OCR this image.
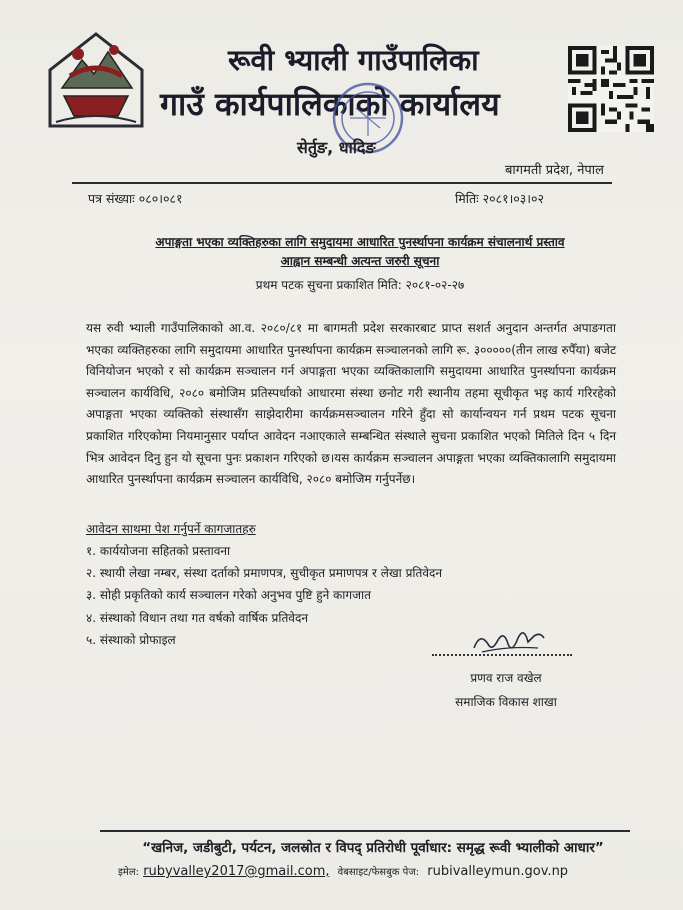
रूवी भ्याली गाउँपालिका
गाउँ कार्यपालिकाको कार्यालय
सेर्तुङ, धादिङ
बागमती प्रदेश, नेपाल
पत्र संख्याः ०८०।०८१	मितिः २०८१।०३।०२
अपाङ्गता भएका व्यक्तिहरुका लागि समुदायमा आधारित पुनर्स्थापना कार्यक्रम संचालनार्थ प्रस्ताव
आह्वान सम्बन्धी अत्यन्त जरुरी सूचना
प्रथम पटक सुचना प्रकाशित मिति: २०८१-०२-२७
यस रुवी भ्याली गाउँपालिकाको आ.व. २०८०/८१ मा बागमती प्रदेश सरकारबाट प्राप्त सशर्त अनुदान अन्तर्गत अपाङगता भएका व्यक्तिहरुका लागि समुदायमा आधारित पुनर्स्थापना कार्यक्रम सञ्चालनको लागि रू. ३०००००(तीन लाख रुपैँया) बजेट विनियोजन भएको र सो कार्यक्रम सञ्चालन गर्न अपाङ्गता भएका व्यक्तिकालागि समुदायमा आधारित पुनर्स्थापना कार्यक्रम सञ्चालन कार्यविधि, २०८० बमोजिम प्रतिस्पर्धाको आधारमा संस्था छनोट गरी स्थानीय तहमा सूचीकृत भइ कार्य गरिरहेको अपाङ्गता भएका व्यक्तिको संस्थासँग साझेदारीमा कार्यक्रमसञ्चालन गरिने हुँदा सो कार्यान्वयन गर्न प्रथम पटक सूचना प्रकाशित गरिएकोमा नियमानुसार पर्याप्त आवेदन नआएकाले सम्बन्धित संस्थाले सुचना प्रकाशित भएको मितिले दिन ५ दिन भित्र आवेदन दिनु हुन यो सूचना पुनः प्रकाशन गरिएको छ।यस कार्यक्रम सञ्चालन अपाङ्गता भएका व्यक्तिकालागि समुदायमा आधारित पुनर्स्थापना कार्यक्रम सञ्चालन कार्यविधि, २०८० बमोजिम गर्नुपर्नेछ।
आवेदन साथमा पेश गर्नुपर्ने कागजातहरु
१. कार्ययोजना सहितको प्रस्तावना
२. स्थायी लेखा नम्बर, संस्था दर्ताको प्रमाणपत्र, सुचीकृत प्रमाणपत्र र लेखा प्रतिवेदन
३. सोही प्रकृतिको कार्य सञ्चालन गरेको अनुभव पुष्टि हुने कागजात
४. संस्थाको विधान तथा गत वर्षको वार्षिक प्रतिवेदन
५. संस्थाको प्रोफाइल
प्रणव राज वखेल
समाजिक विकास शाखा
“खनिज, जडीबुटी, पर्यटन, जलस्रोत र विपद् प्रतिरोधी पूर्वाधार: समृद्ध रूवी भ्यालीको आधार”
इमेल: rubyvalley2017@gmail.com, वेबसाइट/फेसबुक पेज: rubivalleymun.gov.np
